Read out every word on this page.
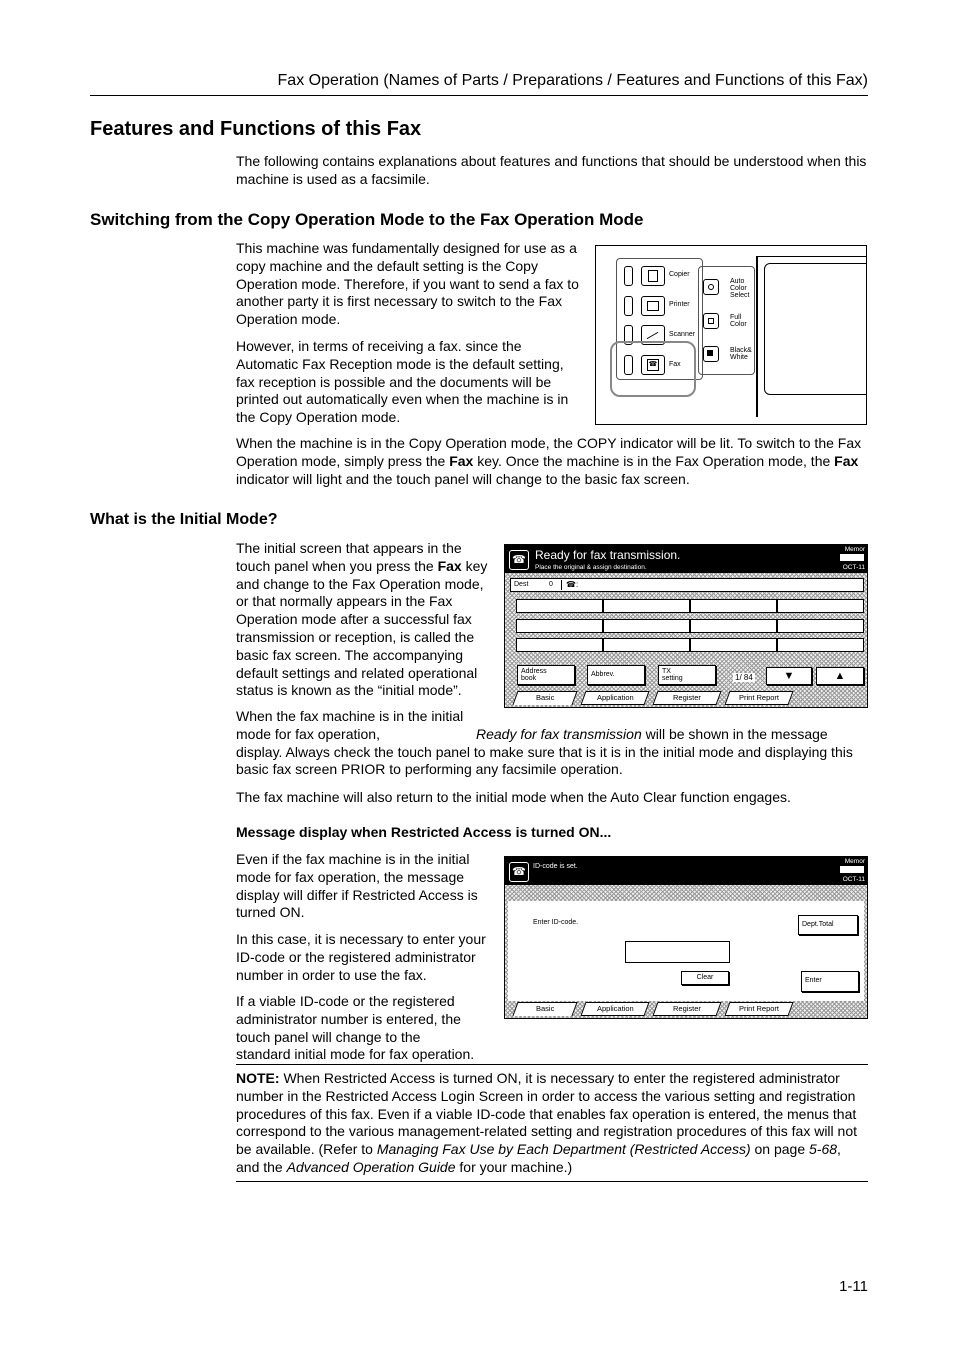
Fax Operation (Names of Parts / Preparations / Features and Functions of this Fax)
Features and Functions of this Fax
The following contains explanations about features and functions that should be understood when this machine is used as a facsimile.
Switching from the Copy Operation Mode to the Fax Operation Mode
This machine was fundamentally designed for use as a copy machine and the default setting is the Copy Operation mode. Therefore, if you want to send a fax to another party it is first necessary to switch to the Fax Operation mode.
However, in terms of receiving a fax. since the Automatic Fax Reception mode is the default setting, fax reception is possible and the documents will be printed out automatically even when the machine is in the Copy Operation mode.
When the machine is in the Copy Operation mode, the COPY indicator will be lit. To switch to the Fax Operation mode, simply press the Fax key. Once the machine is in the Fax Operation mode, the Fax indicator will light and the touch panel will change to the basic fax screen.
Copier
Printer
Scanner
☎ Fax
Auto Color Select
Full Color
Black& White
What is the Initial Mode?
The initial screen that appears in the touch panel when you press the Fax key and change to the Fax Operation mode, or that normally appears in the Fax Operation mode after a successful fax transmission or reception, is called the basic fax screen. The accompanying default settings and related operational status is known as the “initial mode”.
When the fax machine is in the initial mode for fax operation,	Ready for fax transmission will be shown in the message display. Always check the touch panel to make sure that is it is in the initial mode and displaying this basic fax screen PRIOR to performing any facsimile operation.
The fax machine will also return to the initial mode when the Auto Clear function engages.
☎ Ready for fax transmission.
Place the original & assign destination.
Memor
OCT-11
Dest	0 ☎ :
Address book
Abbrev.	TX setting	1/ 84	▼	▲
Basic	Application	Register	Print Report
Message display when Restricted Access is turned ON...
Even if the fax machine is in the initial mode for fax operation, the message display will differ if Restricted Access is turned ON.
In this case, it is necessary to enter your ID-code or the registered administrator number in order to use the fax.
If a viable ID-code or the registered administrator number is entered, the touch panel will change to the standard initial mode for fax operation.
☎	ID-code is set.
Memor
OCT-11
Enter ID-code.	Dept.Total
Clear	Enter
Basic	Application	Register	Print Report
NOTE: When Restricted Access is turned ON, it is necessary to enter the registered administrator number in the Restricted Access Login Screen in order to access the various setting and registration procedures of this fax. Even if a viable ID-code that enables fax operation is entered, the menus that correspond to the various management-related setting and registration procedures of this fax will not be available. (Refer to Managing Fax Use by Each Department (Restricted Access) on page 5-68, and the Advanced Operation Guide for your machine.)
1-11
